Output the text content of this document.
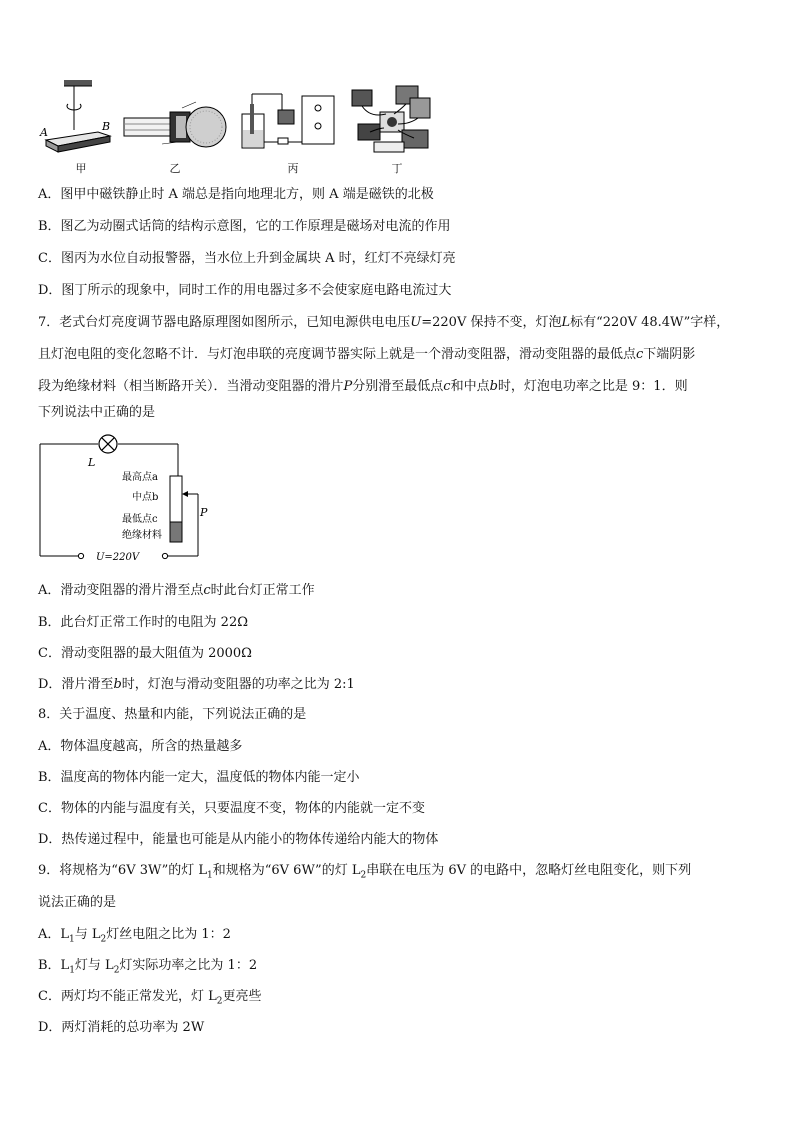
A	B
甲	乙	丙	丁
A．图甲中磁铁静止时 A 端总是指向地理北方，则 A 端是磁铁的北极
B．图乙为动圈式话筒的结构示意图，它的工作原理是磁场对电流的作用
C．图丙为水位自动报警器，当水位上升到金属块 A 时，红灯不亮绿灯亮
D．图丁所示的现象中，同时工作的用电器过多不会使家庭电路电流过大
7．老式台灯亮度调节器电路原理图如图所示，已知电源供电电压U=220V 保持不变，灯泡L标有“220V 48.4W”字样，
且灯泡电阻的变化忽略不计．与灯泡串联的亮度调节器实际上就是一个滑动变阻器，滑动变阻器的最低点c下端阴影
段为绝缘材料（相当断路开关）．当滑动变阻器的滑片P分别滑至最低点c和中点b时，灯泡电功率之比是 9：1．则
下列说法中正确的是
L
最高点a
中点b
最低点c
绝缘材料
P
U=220V
A．滑动变阻器的滑片滑至点c时此台灯正常工作
B．此台灯正常工作时的电阻为 22Ω
C．滑动变阻器的最大阻值为 2000Ω
D．滑片滑至b时，灯泡与滑动变阻器的功率之比为 2:1
8．关于温度、热量和内能，下列说法正确的是
A．物体温度越高，所含的热量越多
B．温度高的物体内能一定大，温度低的物体内能一定小
C．物体的内能与温度有关，只要温度不变，物体的内能就一定不变
D．热传递过程中，能量也可能是从内能小的物体传递给内能大的物体
9．将规格为“6V 3W”的灯 $L_1$和规格为“6V 6W”的灯 $L_2$串联在电压为 6V 的电路中，忽略灯丝电阻变化，则下列
说法正确的是
A．$L_1$与 $L_2$灯丝电阻之比为 1：2
B．$L_1$灯与 $L_2$灯实际功率之比为 1：2
C．两灯均不能正常发光，灯 $L_2$更亮些
D．两灯消耗的总功率为 2W
